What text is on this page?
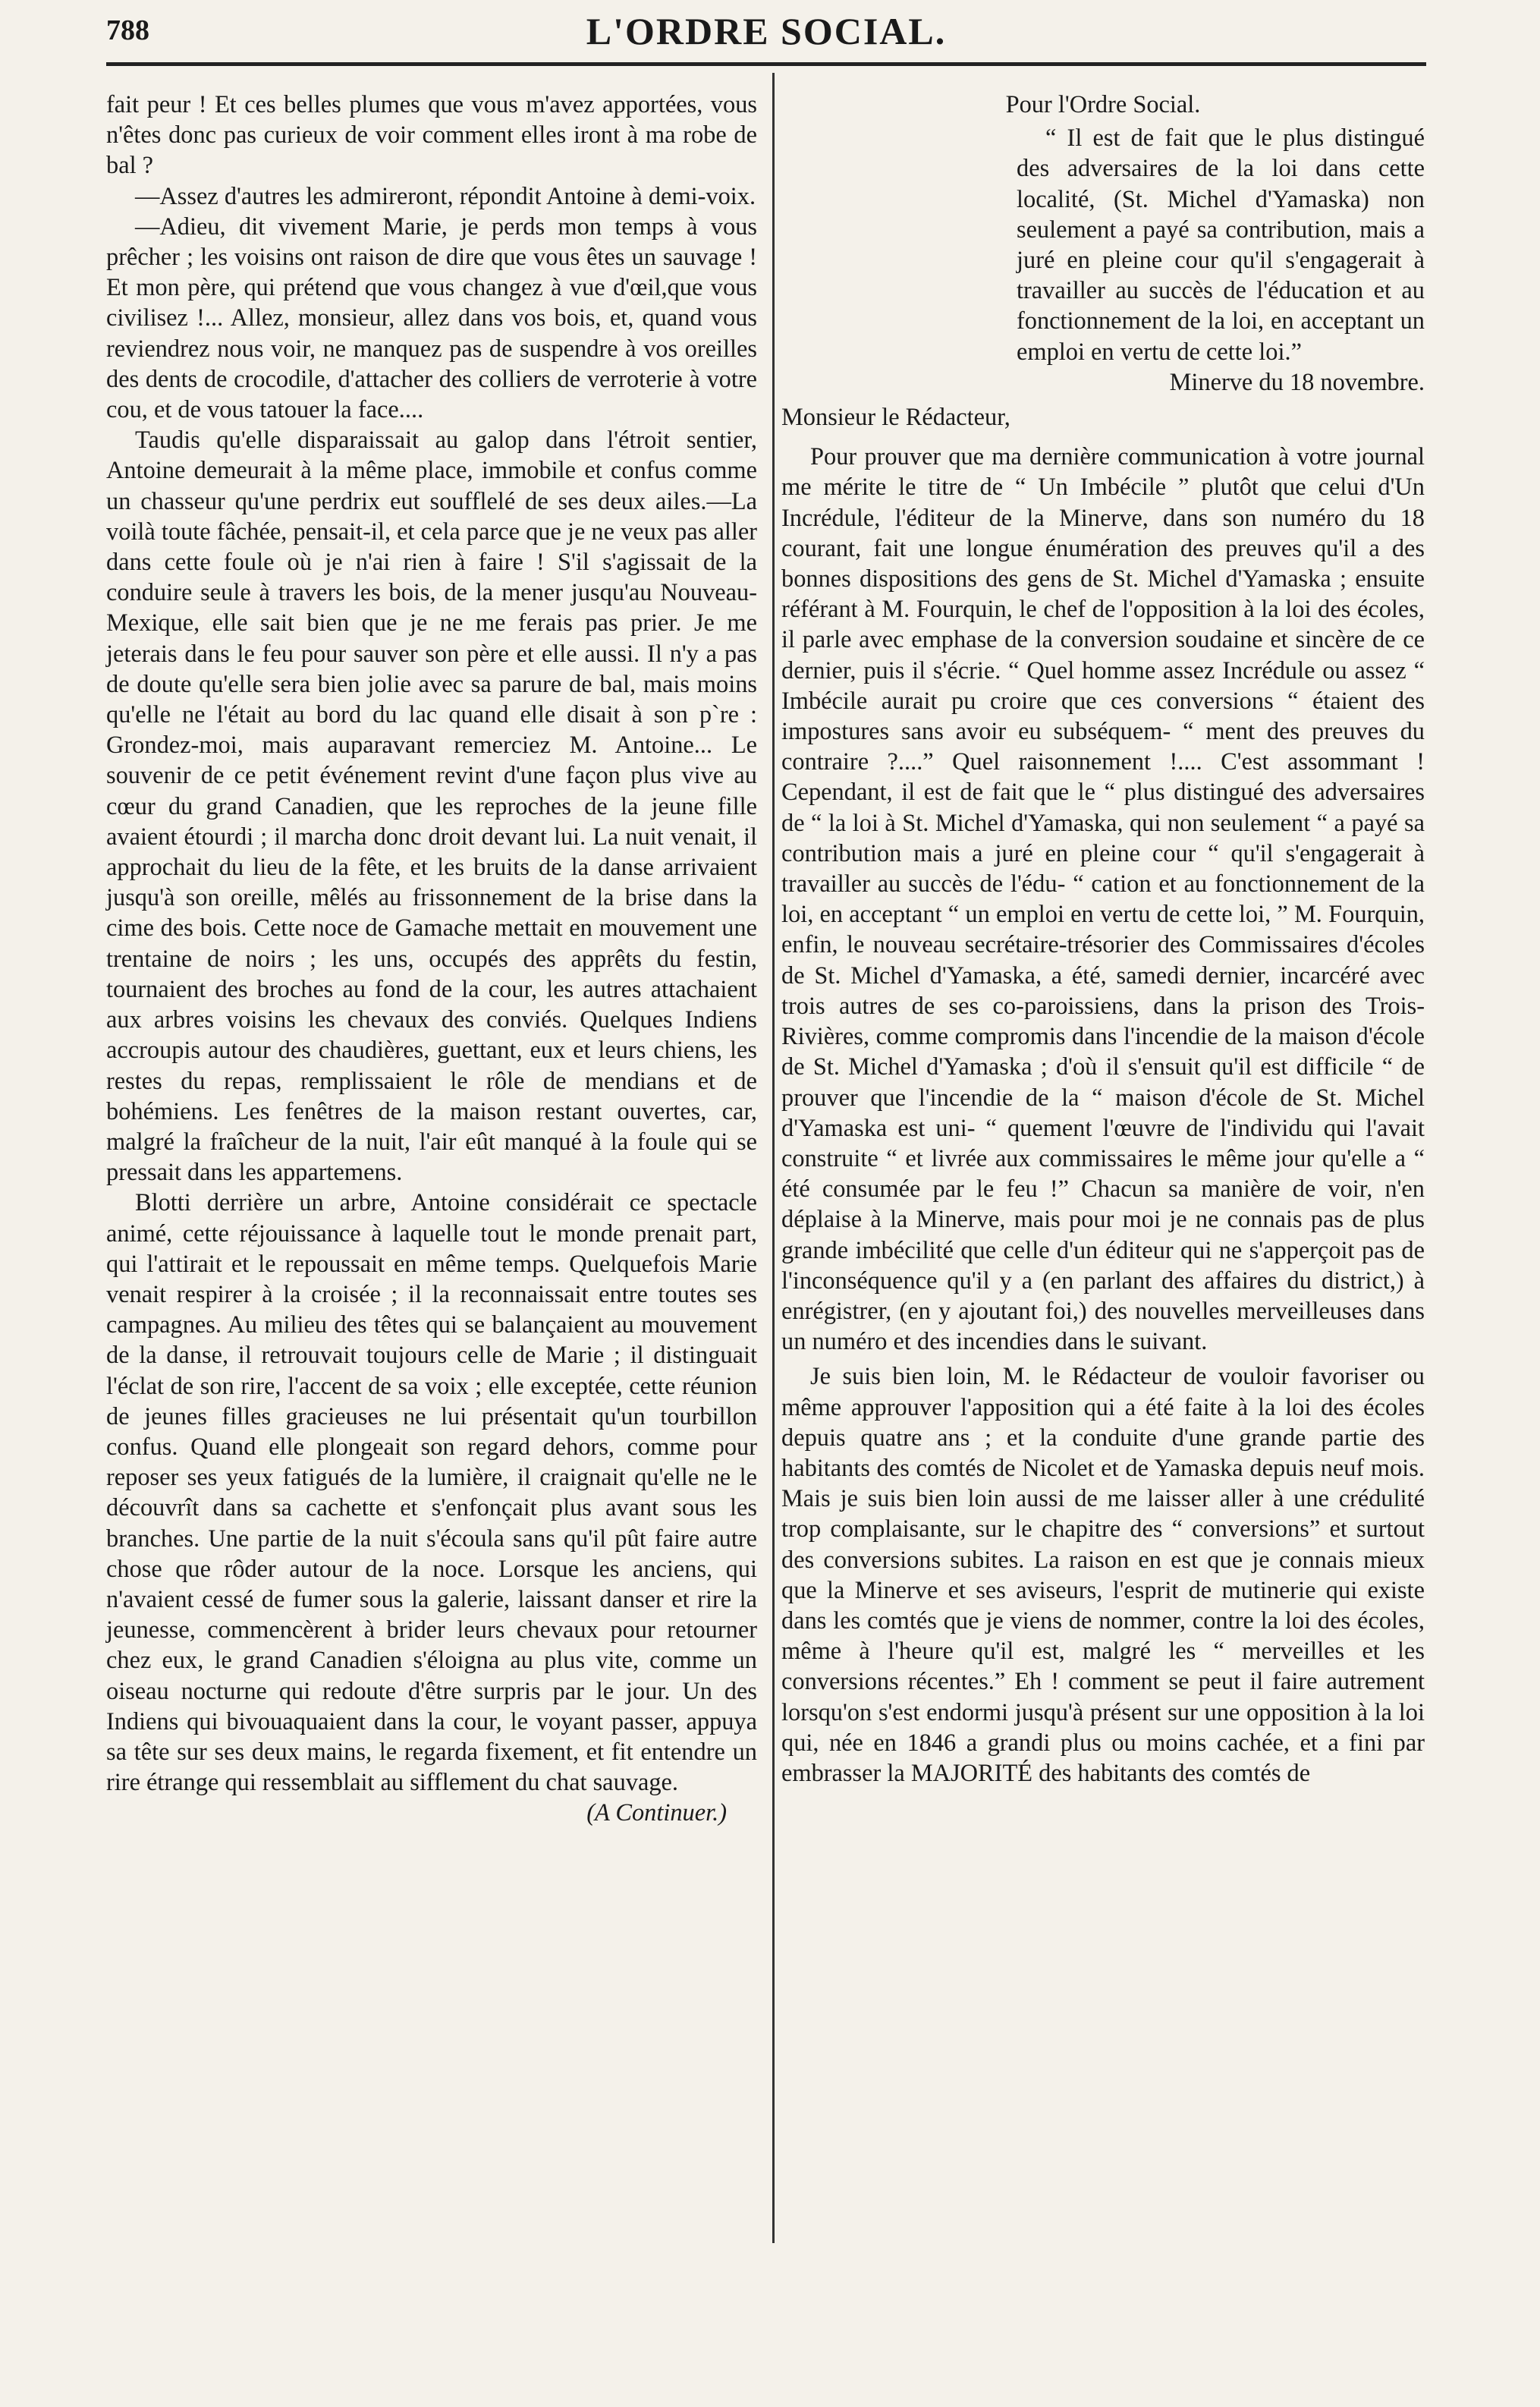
788	L'ORDRE SOCIAL.

fait peur ! Et ces belles plumes que vous m'avez apportées, vous n'êtes donc pas curieux de voir comment elles iront à ma robe de bal ?

—Assez d'autres les admireront, répondit Antoine à demi-voix.

—Adieu, dit vivement Marie, je perds mon temps à vous prêcher ; les voisins ont raison de dire que vous êtes un sauvage ! Et mon père, qui prétend que vous changez à vue d'œil,que vous civilisez !... Allez, monsieur, allez dans vos bois, et, quand vous reviendrez nous voir, ne manquez pas de suspendre à vos oreilles des dents de crocodile, d'attacher des colliers de verroterie à votre cou, et de vous tatouer la face....

Taudis qu'elle disparaissait au galop dans l'étroit sentier, Antoine demeurait à la même place, immobile et confus comme un chasseur qu'une perdrix eut soufflelé de ses deux ailes.—La voilà toute fâchée, pensait-il, et cela parce que je ne veux pas aller dans cette foule où je n'ai rien à faire ! S'il s'agissait de la conduire seule à travers les bois, de la mener jusqu'au Nouveau-Mexique, elle sait bien que je ne me ferais pas prier. Je me jeterais dans le feu pour sauver son père et elle aussi. Il n'y a pas de doute qu'elle sera bien jolie avec sa parure de bal, mais moins qu'elle ne l'était au bord du lac quand elle disait à son p`re : Grondez-moi, mais auparavant remerciez M. Antoine... Le souvenir de ce petit événement revint d'une façon plus vive au cœur du grand Canadien, que les reproches de la jeune fille avaient étourdi ; il marcha donc droit devant lui. La nuit venait, il approchait du lieu de la fête, et les bruits de la danse arrivaient jusqu'à son oreille, mêlés au frissonnement de la brise dans la cime des bois. Cette noce de Gamache mettait en mouvement une trentaine de noirs ; les uns, occupés des apprêts du festin, tournaient des broches au fond de la cour, les autres attachaient aux arbres voisins les chevaux des conviés. Quelques Indiens accroupis autour des chaudières, guettant, eux et leurs chiens, les restes du repas, remplissaient le rôle de mendians et de bohémiens. Les fenêtres de la maison restant ouvertes, car, malgré la fraîcheur de la nuit, l'air eût manqué à la foule qui se pressait dans les appartemens.

Blotti derrière un arbre, Antoine considérait ce spectacle animé, cette réjouissance à laquelle tout le monde prenait part, qui l'attirait et le repoussait en même temps. Quelquefois Marie venait respirer à la croisée ; il la reconnaissait entre toutes ses campagnes. Au milieu des têtes qui se balançaient au mouvement de la danse, il retrouvait toujours celle de Marie ; il distinguait l'éclat de son rire, l'accent de sa voix ; elle exceptée, cette réunion de jeunes filles gracieuses ne lui présentait qu'un tourbillon confus. Quand elle plongeait son regard dehors, comme pour reposer ses yeux fatigués de la lumière, il craignait qu'elle ne le découvrît dans sa cachette et s'enfonçait plus avant sous les branches. Une partie de la nuit s'écoula sans qu'il pût faire autre chose que rôder autour de la noce. Lorsque les anciens, qui n'avaient cessé de fumer sous la galerie, laissant danser et rire la jeunesse, commencèrent à brider leurs chevaux pour retourner chez eux, le grand Canadien s'éloigna au plus vite, comme un oiseau nocturne qui redoute d'être surpris par le jour. Un des Indiens qui bivouaquaient dans la cour, le voyant passer, appuya sa tête sur ses deux mains, le regarda fixement, et fit entendre un rire étrange qui ressemblait au sifflement du chat sauvage.

(A Continuer.)

Pour l'Ordre Social.

“ Il est de fait que le plus distingué des adversaires de la loi dans cette localité, (St. Michel d'Yamaska) non seulement a payé sa contribution, mais a juré en pleine cour qu'il s'engagerait à travailler au succès de l'éducation et au fonctionnement de la loi, en acceptant un emploi en vertu de cette loi.”

Minerve du 18 novembre.

Monsieur le Rédacteur,

Pour prouver que ma dernière communication à votre journal me mérite le titre de “ Un Imbécile ” plutôt que celui d'Un Incrédule, l'éditeur de la Minerve, dans son numéro du 18 courant, fait une longue énumération des preuves qu'il a des bonnes dispositions des gens de St. Michel d'Yamaska ; ensuite référant à M. Fourquin, le chef de l'opposition à la loi des écoles, il parle avec emphase de la conversion soudaine et sincère de ce dernier, puis il s'écrie. “ Quel homme assez Incrédule ou assez “ Imbécile aurait pu croire que ces conversions “ étaient des impostures sans avoir eu subséquem- “ ment des preuves du contraire ?....” Quel raisonnement !.... C'est assommant ! Cependant, il est de fait que le “ plus distingué des adversaires de “ la loi à St. Michel d'Yamaska, qui non seulement “ a payé sa contribution mais a juré en pleine cour “ qu'il s'engagerait à travailler au succès de l'édu- “ cation et au fonctionnement de la loi, en acceptant “ un emploi en vertu de cette loi, ” M. Fourquin, enfin, le nouveau secrétaire-trésorier des Commissaires d'écoles de St. Michel d'Yamaska, a été, samedi dernier, incarcéré avec trois autres de ses co-paroissiens, dans la prison des Trois-Rivières, comme compromis dans l'incendie de la maison d'école de St. Michel d'Yamaska ; d'où il s'ensuit qu'il est difficile “ de prouver que l'incendie de la “ maison d'école de St. Michel d'Yamaska est uni- “ quement l'œuvre de l'individu qui l'avait construite “ et livrée aux commissaires le même jour qu'elle a “ été consumée par le feu !” Chacun sa manière de voir, n'en déplaise à la Minerve, mais pour moi je ne connais pas de plus grande imbécilité que celle d'un éditeur qui ne s'apperçoit pas de l'inconséquence qu'il y a (en parlant des affaires du district,) à enrégistrer, (en y ajoutant foi,) des nouvelles merveilleuses dans un numéro et des incendies dans le suivant.

Je suis bien loin, M. le Rédacteur de vouloir favoriser ou même approuver l'apposition qui a été faite à la loi des écoles depuis quatre ans ; et la conduite d'une grande partie des habitants des comtés de Nicolet et de Yamaska depuis neuf mois. Mais je suis bien loin aussi de me laisser aller à une crédulité trop complaisante, sur le chapitre des “ conversions” et surtout des conversions subites. La raison en est que je connais mieux que la Minerve et ses aviseurs, l'esprit de mutinerie qui existe dans les comtés que je viens de nommer, contre la loi des écoles, même à l'heure qu'il est, malgré les “ merveilles et les conversions récentes.” Eh ! comment se peut il faire autrement lorsqu'on s'est endormi jusqu'à présent sur une opposition à la loi qui, née en 1846 a grandi plus ou moins cachée, et a fini par embrasser la MAJORITÉ des habitants des comtés de
